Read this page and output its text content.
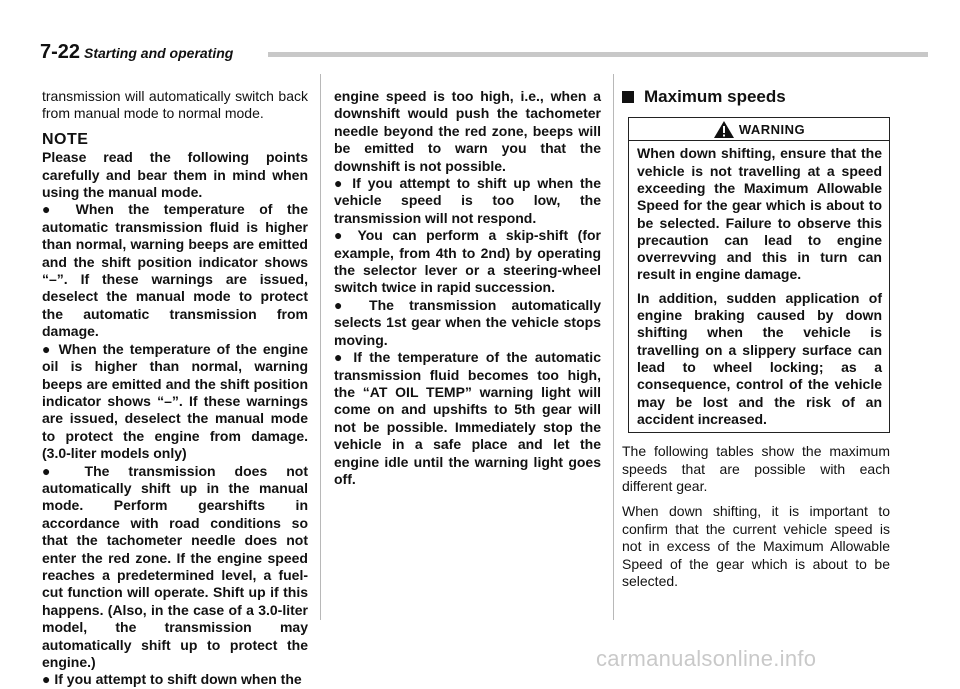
7-22 Starting and operating

transmission will automatically switch back from manual mode to normal mode.

NOTE

Please read the following points carefully and bear them in mind when using the manual mode.

● When the temperature of the automatic transmission fluid is higher than normal, warning beeps are emitted and the shift position indicator shows “–”. If these warnings are issued, deselect the manual mode to protect the automatic transmission from damage.

● When the temperature of the engine oil is higher than normal, warning beeps are emitted and the shift position indicator shows “–”. If these warnings are issued, deselect the manual mode to protect the engine from damage. (3.0-liter models only)

● The transmission does not automatically shift up in the manual mode. Perform gearshifts in accordance with road conditions so that the tachometer needle does not enter the red zone. If the engine speed reaches a predetermined level, a fuel-cut function will operate. Shift up if this happens. (Also, in the case of a 3.0-liter model, the transmission may automatically shift up to protect the engine.)

● If you attempt to shift down when the

engine speed is too high, i.e., when a downshift would push the tachometer needle beyond the red zone, beeps will be emitted to warn you that the downshift is not possible.

● If you attempt to shift up when the vehicle speed is too low, the transmission will not respond.

● You can perform a skip-shift (for example, from 4th to 2nd) by operating the selector lever or a steering-wheel switch twice in rapid succession.

● The transmission automatically selects 1st gear when the vehicle stops moving.

● If the temperature of the automatic transmission fluid becomes too high, the “AT OIL TEMP” warning light will come on and upshifts to 5th gear will not be possible. Immediately stop the vehicle in a safe place and let the engine idle until the warning light goes off.

Maximum speeds
WARNING

When down shifting, ensure that the vehicle is not travelling at a speed exceeding the Maximum Allowable Speed for the gear which is about to be selected. Failure to observe this precaution can lead to engine overrevving and this in turn can result in engine damage.

In addition, sudden application of engine braking caused by down shifting when the vehicle is travelling on a slippery surface can lead to wheel locking; as a consequence, control of the vehicle may be lost and the risk of an accident increased.

The following tables show the maximum speeds that are possible with each different gear.

When down shifting, it is important to confirm that the current vehicle speed is not in excess of the Maximum Allowable Speed of the gear which is about to be selected.

carmanualsonline.info
